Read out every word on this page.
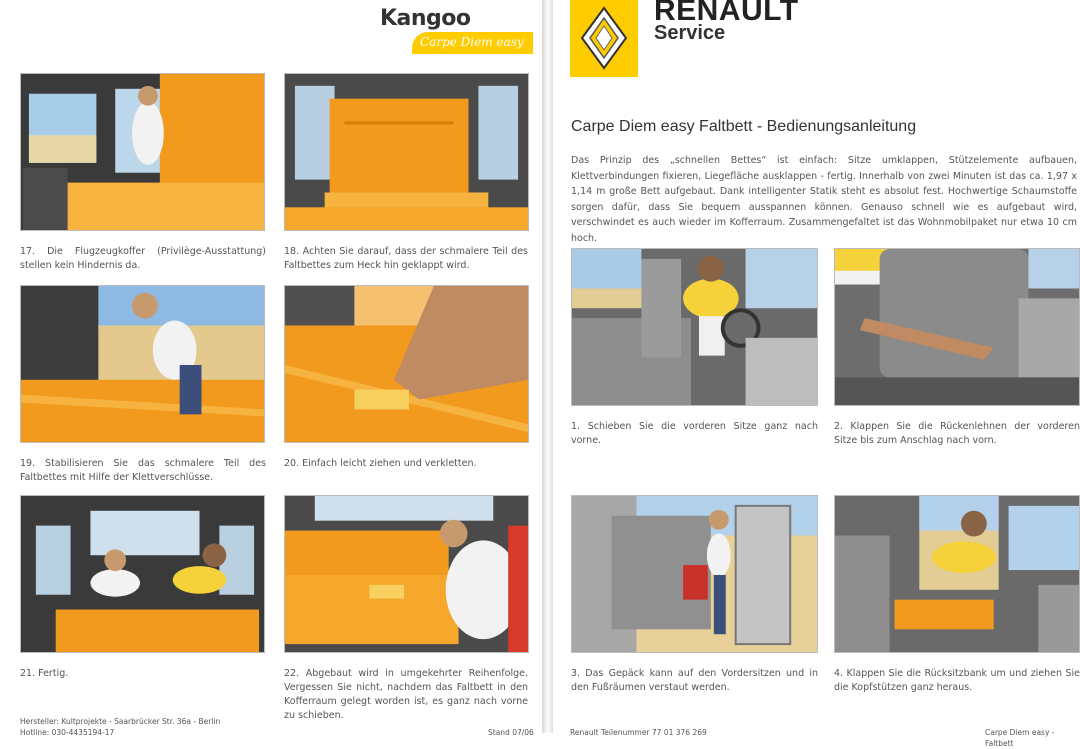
Carpe Diem easy
Kangoo
17. Die Flugzeugkoffer (Privilège-Ausstattung) stellen kein Hindernis da.
18. Achten Sie darauf, dass der schmalere Teil des Faltbettes zum Heck hin geklappt wird.
19. Stabilisieren Sie das schmalere Teil des Faltbettes mit Hilfe der Klettverschlüsse.
20. Einfach leicht ziehen und verkletten.
21. Fertig.	22. Abgebaut wird in umgekehrter Reihenfolge. Vergessen Sie nicht, nachdem das Faltbett in den Kofferraum gelegt worden ist, es ganz nach vorne zu schieben.
Hersteller: Kultprojekte - Saarbrücker Str. 36a - Berlin
Hotline: 030-4435194-17	Stand 07/06
RENAULT
Service
Carpe Diem easy Faltbett - Bedienungsanleitung
Das Prinzip des „schnellen Bettes“ ist einfach: Sitze umklappen, Stützelemente aufbauen, Klettverbindungen fixieren, Liegefläche ausklappen - fertig. Innerhalb von zwei Minuten ist das ca. 1,97 x 1,14 m große Bett aufgebaut. Dank intelligenter Statik steht es absolut fest. Hochwertige Schaumstoffe sorgen dafür, dass Sie bequem ausspannen können. Genauso schnell wie es aufgebaut wird, verschwindet es auch wieder im Kofferraum. Zusammengefaltet ist das Wohnmobilpaket nur etwa 10 cm hoch.
1. Schieben Sie die vorderen Sitze ganz nach vorne.
2. Klappen Sie die Rückenlehnen der vorderen Sitze bis zum Anschlag nach vorn.
3. Das Gepäck kann auf den Vordersitzen und in den Fußräumen verstaut werden.
4. Klappen Sie die Rücksitzbank um und ziehen Sie die Kopfstützen ganz heraus.
Renault Teilenummer 77 01 376 269	Carpe Diem easy - Faltbett
